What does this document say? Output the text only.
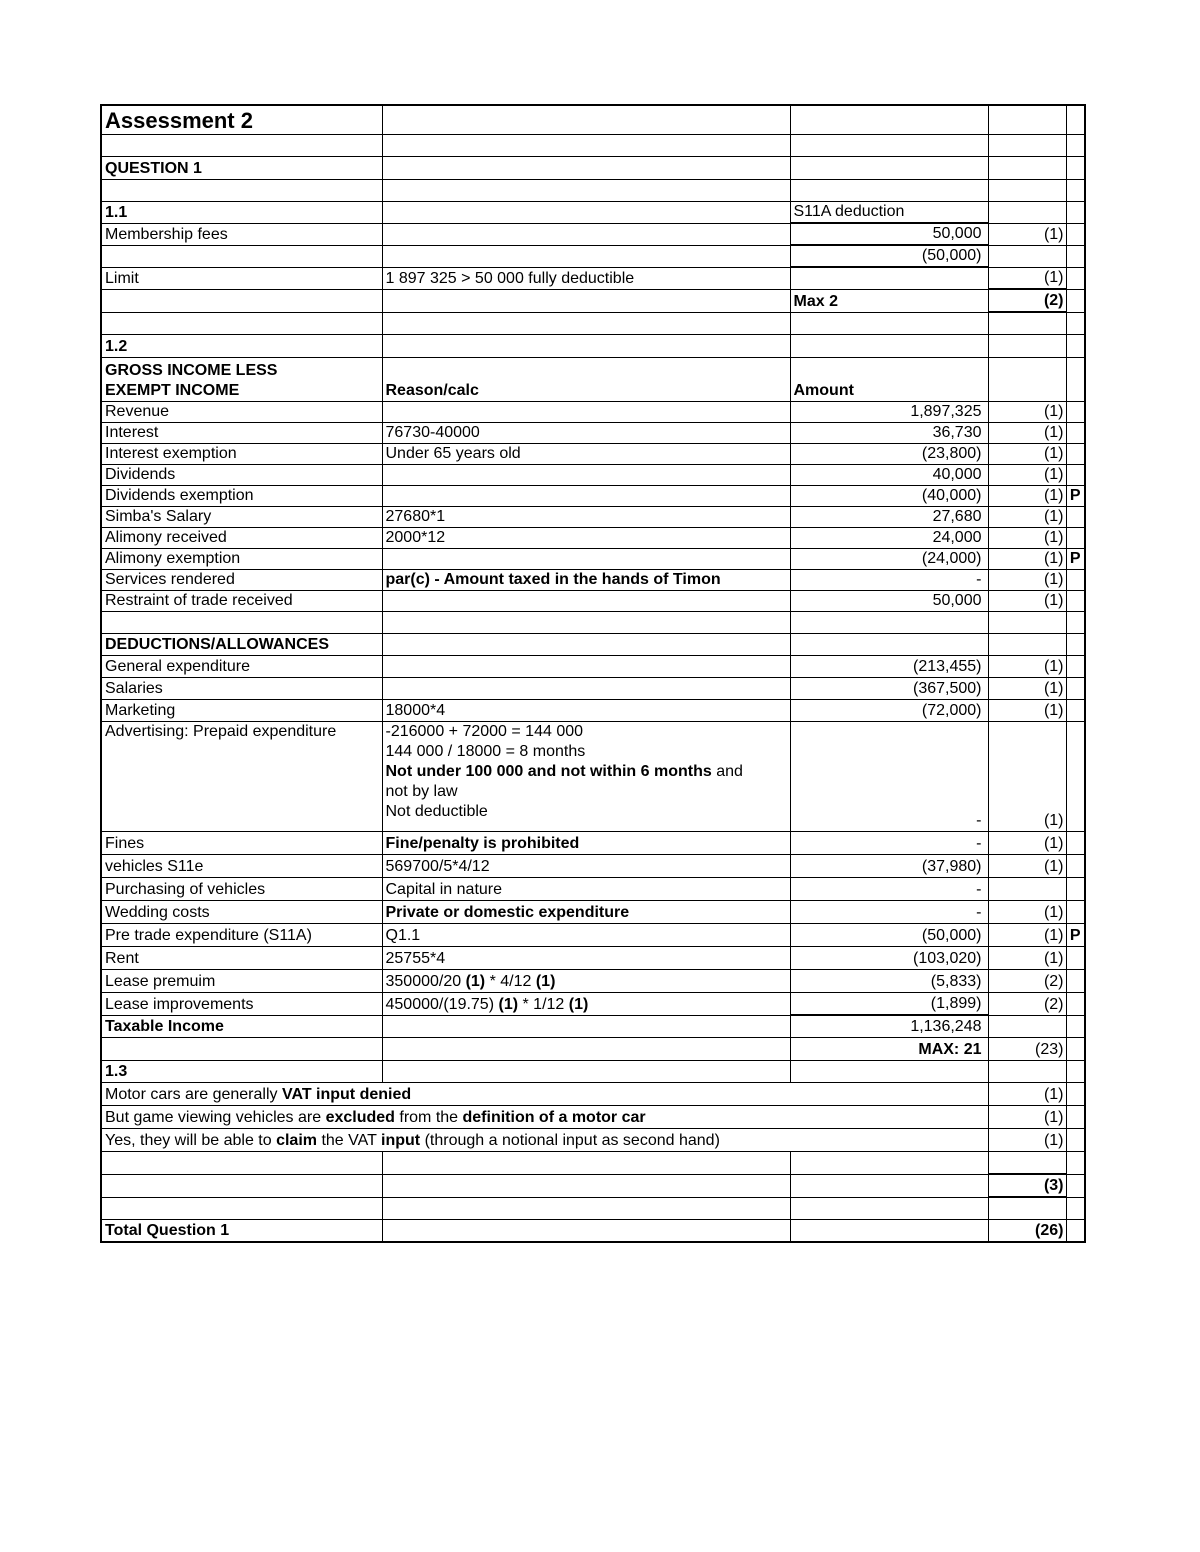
Assessment 2				

QUESTION 1				

1.1		S11A deduction		
Membership fees		50,000	(1)	
		(50,000)		
Limit	1 897 325 > 50 000 fully deductible		(1)	
		Max 2	(2)	

1.2				

GROSS INCOME LESS
EXEMPT INCOME	Reason/calc	Amount		
Revenue		1,897,325	(1)	
Interest	76730-40000	36,730	(1)	
Interest exemption	Under 65 years old	(23,800)	(1)	
Dividends		40,000	(1)	
Dividends exemption		(40,000)	(1)	P
Simba's Salary	27680*1	27,680	(1)	
Alimony received	2000*12	24,000	(1)	
Alimony exemption		(24,000)	(1)	P
Services rendered	par(c) - Amount taxed in the hands of Timon	-	(1)	
Restraint of trade received		50,000	(1)	

DEDUCTIONS/ALLOWANCES				
General expenditure		(213,455)	(1)	
Salaries		(367,500)	(1)	
Marketing	18000*4	(72,000)	(1)	
Advertising: Prepaid expenditure	-216000 + 72000 = 144 000
144 000 / 18000 = 8 months
Not under 100 000 and not within 6 months and
not by law
Not deductible	-	(1)	
Fines	Fine/penalty is prohibited	-	(1)	
vehicles S11e	569700/5*4/12	(37,980)	(1)	
Purchasing of vehicles	Capital in nature	-		
Wedding costs	Private or domestic expenditure	-	(1)	
Pre trade expenditure (S11A)	Q1.1	(50,000)	(1)	P
Rent	25755*4	(103,020)	(1)	
Lease premuim	350000/20 (1) * 4/12 (1)	(5,833)	(2)	
Lease improvements	450000/(19.75) (1) * 1/12 (1)	(1,899)	(2)	
Taxable Income		1,136,248		
		MAX: 21	(23)	
1.3				
Motor cars are generally VAT input denied			(1)	
But game viewing vehicles are excluded from the definition of a motor car			(1)	
Yes, they will be able to claim the VAT input (through a notional input as second hand)			(1)	

			(3)	

Total Question 1			(26)	
